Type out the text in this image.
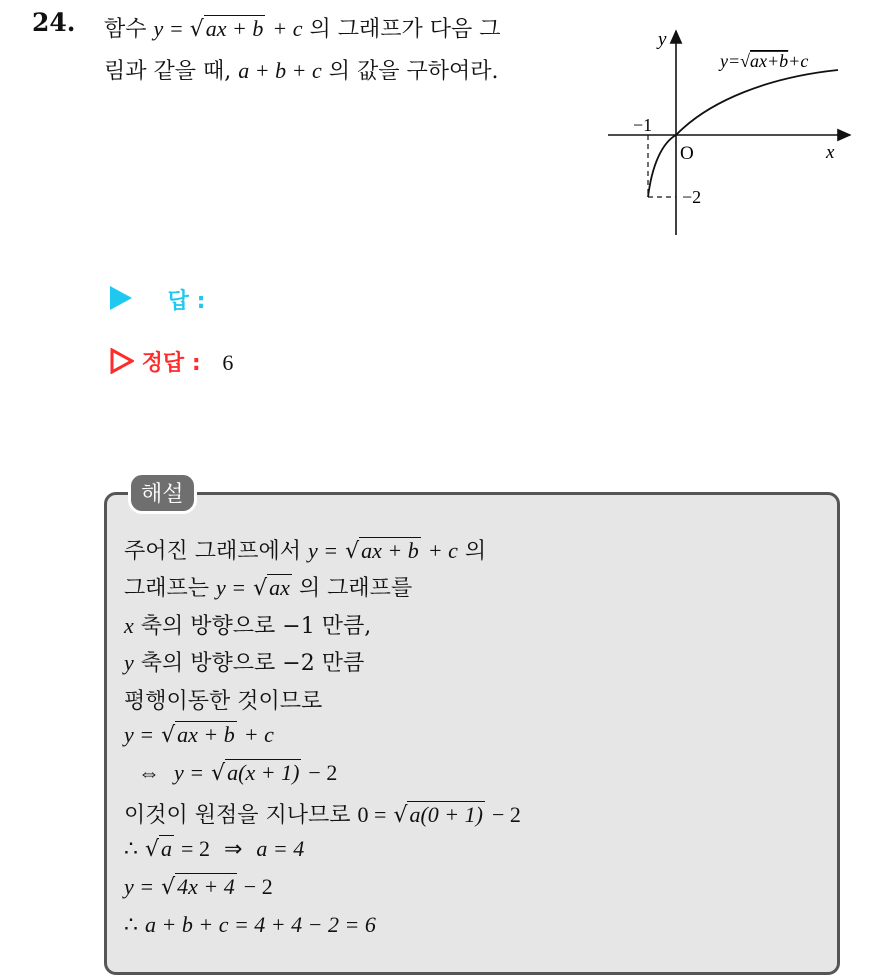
24. 함수 y = √ax + b + c 의 그래프가 다음 그
림과 같을 때, a + b + c 의 값을 구하여라.
y
x
O
−1
−2
y=√ax+b+c
답 :
정답 : 6
해설
주어진 그래프에서 y = √ax + b + c 의
그래프는 y = √ax 의 그래프를
x 축의 방향으로 −1 만큼,
y 축의 방향으로 −2 만큼
평행이동한 것이므로
y = √ax + b + c
⇔ y = √a(x + 1) − 2
이것이 원점을 지나므로 0 = √a(0 + 1) − 2
∴ √a = 2 ⇒ a = 4
y = √4x + 4 − 2
∴ a + b + c = 4 + 4 − 2 = 6
